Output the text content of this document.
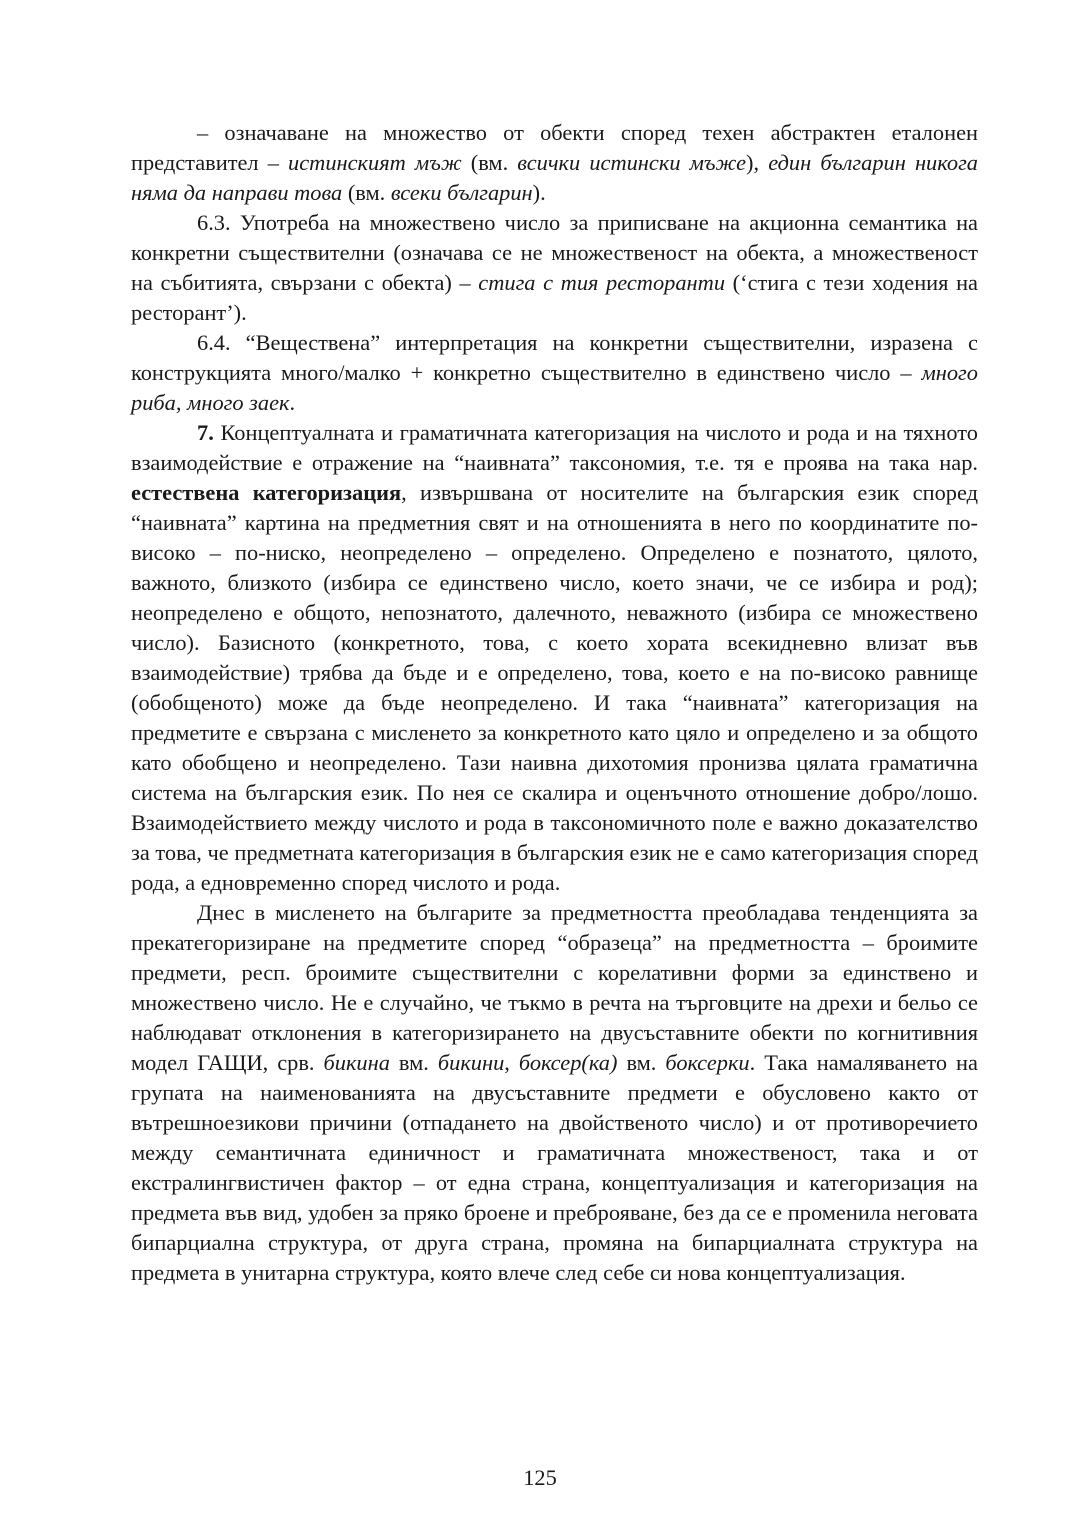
– означаване на множество от обекти според техен абстрактен еталонен представител – истинският мъж (вм. всички истински мъже), един българин никога няма да направи това (вм. всеки българин).

6.3. Употреба на множествено число за приписване на акционна семантика на конкретни съществителни (означава се не множественост на обекта, а множественост на събитията, свързани с обекта) – стига с тия ресторанти (‘стига с тези ходения на ресторант’).

6.4. “Веществена” интерпретация на конкретни съществителни, изразена с конструкцията много/малко + конкретно съществително в единствено число – много риба, много заек.

7. Концептуалната и граматичната категоризация на числото и рода и на тяхното взаимодействие е отражение на “наивната” таксономия, т.е. тя е проява на така нар. естествена категоризация, извършвана от носителите на българския език според “наивната” картина на предметния свят и на отношенията в него по координатите по-високо – по-ниско, неопределено – определено. Определено е познатото, цялото, важното, близкото (избира се единствено число, което значи, че се избира и род); неопределено е общото, непознатото, далечното, неважното (избира се множествено число). Базисното (конкретното, това, с което хората всекидневно влизат във взаимодействие) трябва да бъде и е определено, това, което е на по-високо равнище (обобщеното) може да бъде неопределено. И така “наивната” категоризация на предметите е свързана с мисленето за конкретното като цяло и определено и за общото като обобщено и неопределено. Тази наивна дихотомия пронизва цялата граматична система на българския език. По нея се скалира и оценъчното отношение добро/лошо. Взаимодействието между числото и рода в таксономичното поле е важно доказателство за това, че предметната категоризация в българския език не е само категоризация според рода, а едновременно според числото и рода.

Днес в мисленето на българите за предметността преобладава тенденцията за прекатегоризиране на предметите според “образеца” на предметността – броимите предмети, респ. броимите съществителни с корелативни форми за единствено и множествено число. Не е случайно, че тъкмо в речта на търговците на дрехи и бельо се наблюдават отклонения в категоризирането на двусъставните обекти по когнитивния модел ГАЩИ, срв. бикина вм. бикини, боксер(ка) вм. боксерки. Така намаляването на групата на наименованията на двусъставните предмети е обусловено както от вътрешноезикови причини (отпадането на двойственото число) и от противоречието между семантичната единичност и граматичната множественост, така и от екстралингвистичен фактор – от една страна, концептуализация и категоризация на предмета във вид, удобен за пряко броене и преброяване, без да се е променила неговата бипарциална структура, от друга страна, промяна на бипарциалната структура на предмета в унитарна структура, която влече след себе си нова концептуализация.

125
